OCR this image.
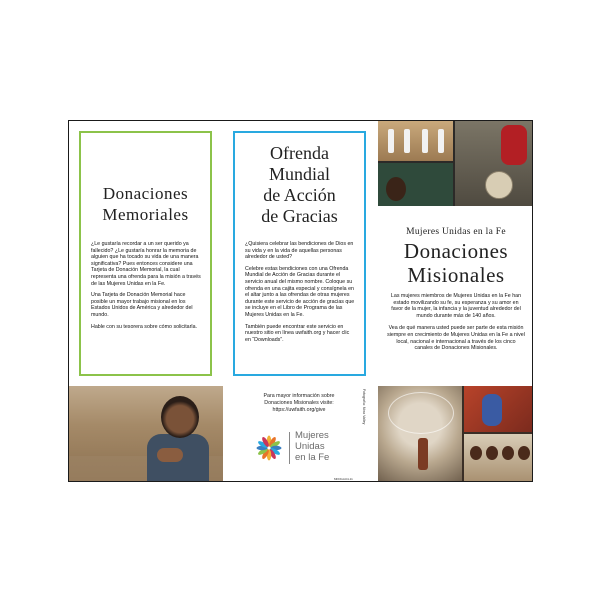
Donaciones
Memoriales

¿Le gustaría recordar a un ser querido ya fallecido? ¿Le gustaría honrar la memoria de alguien que ha tocado su vida de una manera significativa? Pues entonces considere una Tarjeta de Donación Memorial, la cual representa una ofrenda para la misión a través de las Mujeres Unidas en la Fe.

Una Tarjeta de Donación Memorial hace posible un mayor trabajo misional en los Estados Unidos de América y alrededor del mundo.

Hable con su tesorera sobre cómo solicitarla.

Ofrenda
Mundial
de Acción
de Gracias

¿Quisiera celebrar las bendiciones de Dios en su vida y en la vida de aquellas personas alrededor de usted?

Celebre estas bendiciones con una Ofrenda Mundial de Acción de Gracias durante el servicio anual del mismo nombre. Coloque su ofrenda en una cajita especial y consígnela en el altar junto a las ofrendas de otras mujeres durante este servicio de acción de gracias que se incluye en el Libro de Programa de las Mujeres Unidas en la Fe.

También puede encontrar este servicio en nuestro sitio en línea uwfaith.org y hacer clic en “Downloads”.

Para mayor información sobre
Donaciones Misionales visite:
https://uwfaith.org/give
Mujeres
Unidas
en la Fe
MFDGAU4-11
Fotografía: Nina Valley
Mujeres Unidas en la Fe
Donaciones
Misionales

Las mujeres miembros de Mujeres Unidas en la Fe han estado movilizando su fe, su esperanza y su amor en favor de la mujer, la infancia y la juventud alrededor del mundo durante más de 140 años.

Vea de qué manera usted puede ser parte de esta misión siempre en crecimiento de Mujeres Unidas en la Fe a nivel local, nacional e internacional a través de los cinco canales de Donaciones Misionales.
